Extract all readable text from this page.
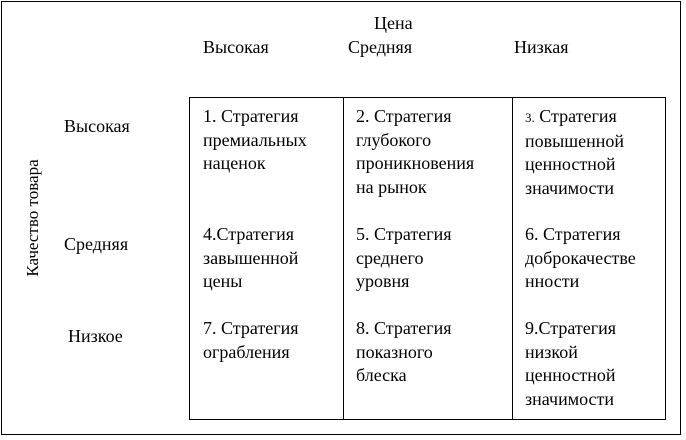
Цена
Высокая	Средняя	Низкая
Качество товара
Высокая
Средняя
Низкое
1. Стратегия
премиальных
наценок
2. Стратегия
глубокого
проникновения
на рынок
3. Стратегия
повышенной
ценностной
значимости
4.Стратегия
завышенной
цены
5. Стратегия
среднего
уровня
6. Стратегия
доброкачестве
нности
7. Стратегия
ограбления
8. Стратегия
показного
блеска
9.Стратегия
низкой
ценностной
значимости
